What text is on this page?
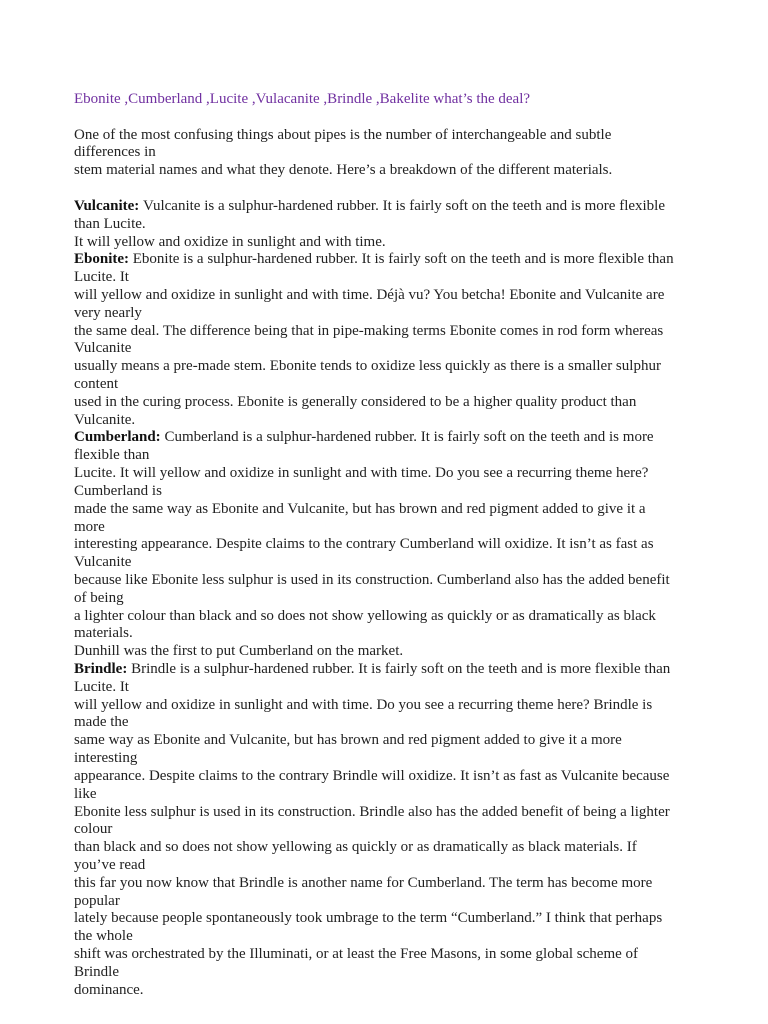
Ebonite ,Cumberland ,Lucite ,Vulacanite ,Brindle ,Bakelite what’s the deal?

One of the most confusing things about pipes is the number of interchangeable and subtle
differences in
stem material names and what they denote. Here’s a breakdown of the different materials.

Vulcanite: Vulcanite is a sulphur-hardened rubber. It is fairly soft on the teeth and is more flexible
than Lucite.
It will yellow and oxidize in sunlight and with time.
Ebonite: Ebonite is a sulphur-hardened rubber. It is fairly soft on the teeth and is more flexible than
Lucite. It
will yellow and oxidize in sunlight and with time. Déjà vu? You betcha! Ebonite and Vulcanite are
very nearly
the same deal. The difference being that in pipe-making terms Ebonite comes in rod form whereas
Vulcanite
usually means a pre-made stem. Ebonite tends to oxidize less quickly as there is a smaller sulphur
content
used in the curing process. Ebonite is generally considered to be a higher quality product than
Vulcanite.
Cumberland: Cumberland is a sulphur-hardened rubber. It is fairly soft on the teeth and is more
flexible than
Lucite. It will yellow and oxidize in sunlight and with time. Do you see a recurring theme here?
Cumberland is
made the same way as Ebonite and Vulcanite, but has brown and red pigment added to give it a
more
interesting appearance. Despite claims to the contrary Cumberland will oxidize. It isn’t as fast as
Vulcanite
because like Ebonite less sulphur is used in its construction. Cumberland also has the added benefit
of being
a lighter colour than black and so does not show yellowing as quickly or as dramatically as black
materials.
Dunhill was the first to put Cumberland on the market.
Brindle: Brindle is a sulphur-hardened rubber. It is fairly soft on the teeth and is more flexible than
Lucite. It
will yellow and oxidize in sunlight and with time. Do you see a recurring theme here? Brindle is
made the
same way as Ebonite and Vulcanite, but has brown and red pigment added to give it a more
interesting
appearance. Despite claims to the contrary Brindle will oxidize. It isn’t as fast as Vulcanite because
like
Ebonite less sulphur is used in its construction. Brindle also has the added benefit of being a lighter
colour
than black and so does not show yellowing as quickly or as dramatically as black materials. If
you’ve read
this far you now know that Brindle is another name for Cumberland. The term has become more
popular
lately because people spontaneously took umbrage to the term “Cumberland.” I think that perhaps
the whole
shift was orchestrated by the Illuminati, or at least the Free Masons, in some global scheme of
Brindle
dominance.
